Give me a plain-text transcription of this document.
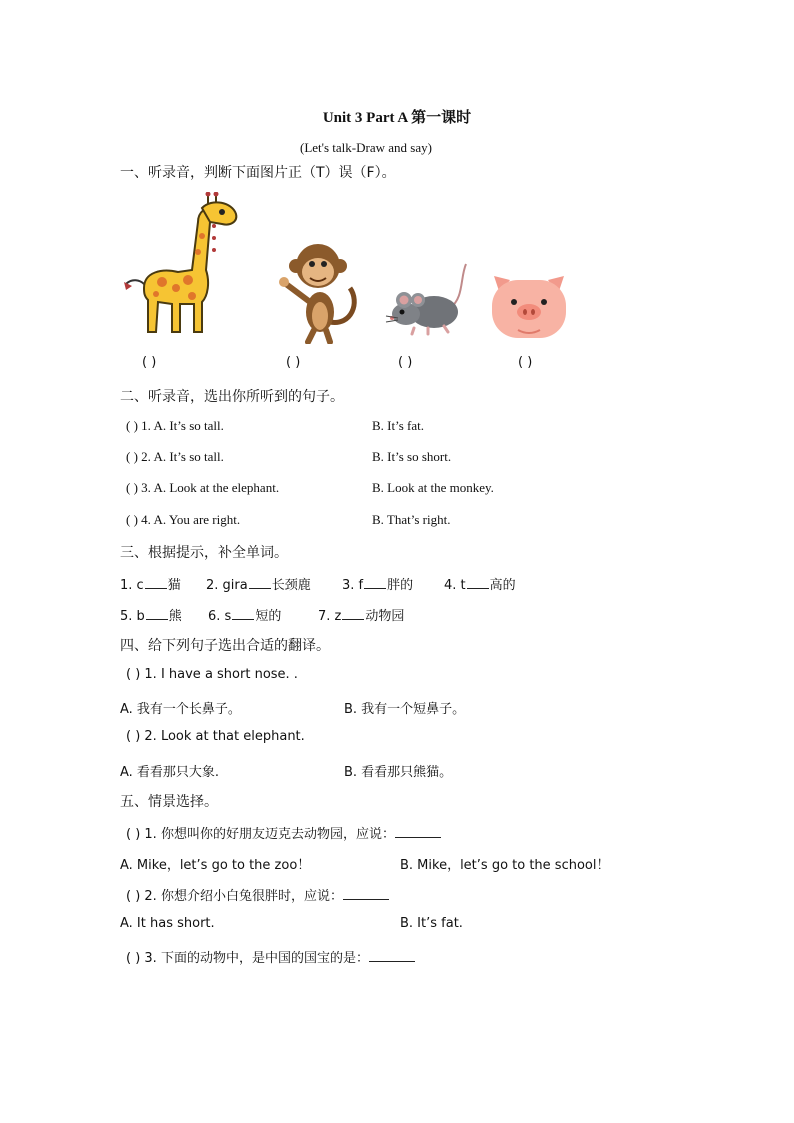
Unit 3 Part A 第一课时
(Let's talk-Draw and say)
一、听录音，判断下面图片正（T）误（F）。
( )	( )	( )	( )
二、听录音，选出你所听到的句子。
( ) 1. A. It’s so tall.	B. It’s fat.
( ) 2. A. It’s so tall.	B. It’s so short.
( ) 3. A. Look at the elephant.	B. Look at the monkey.
( ) 4. A. You are right.	B. That’s right.
三、根据提示，补全单词。
1. c 猫 2. gira 长颈鹿 3. f 胖的 4. t 高的
5. b 熊 6. s 短的	7. z 动物园
四、给下列句子选出合适的翻译。
( ) 1. I have a short nose. .
A. 我有一个长鼻子。	B. 我有一个短鼻子。
( ) 2. Look at that elephant.
A. 看看那只大象.	B. 看看那只熊猫。
五、情景选择。
( ) 1. 你想叫你的好朋友迈克去动物园，应说：
A. Mike，let’s go to the zoo！	B. Mike，let’s go to the school！
( ) 2. 你想介绍小白兔很胖时，应说：
A. It has short.	B. It’s fat.
( ) 3. 下面的动物中，是中国的国宝的是：
